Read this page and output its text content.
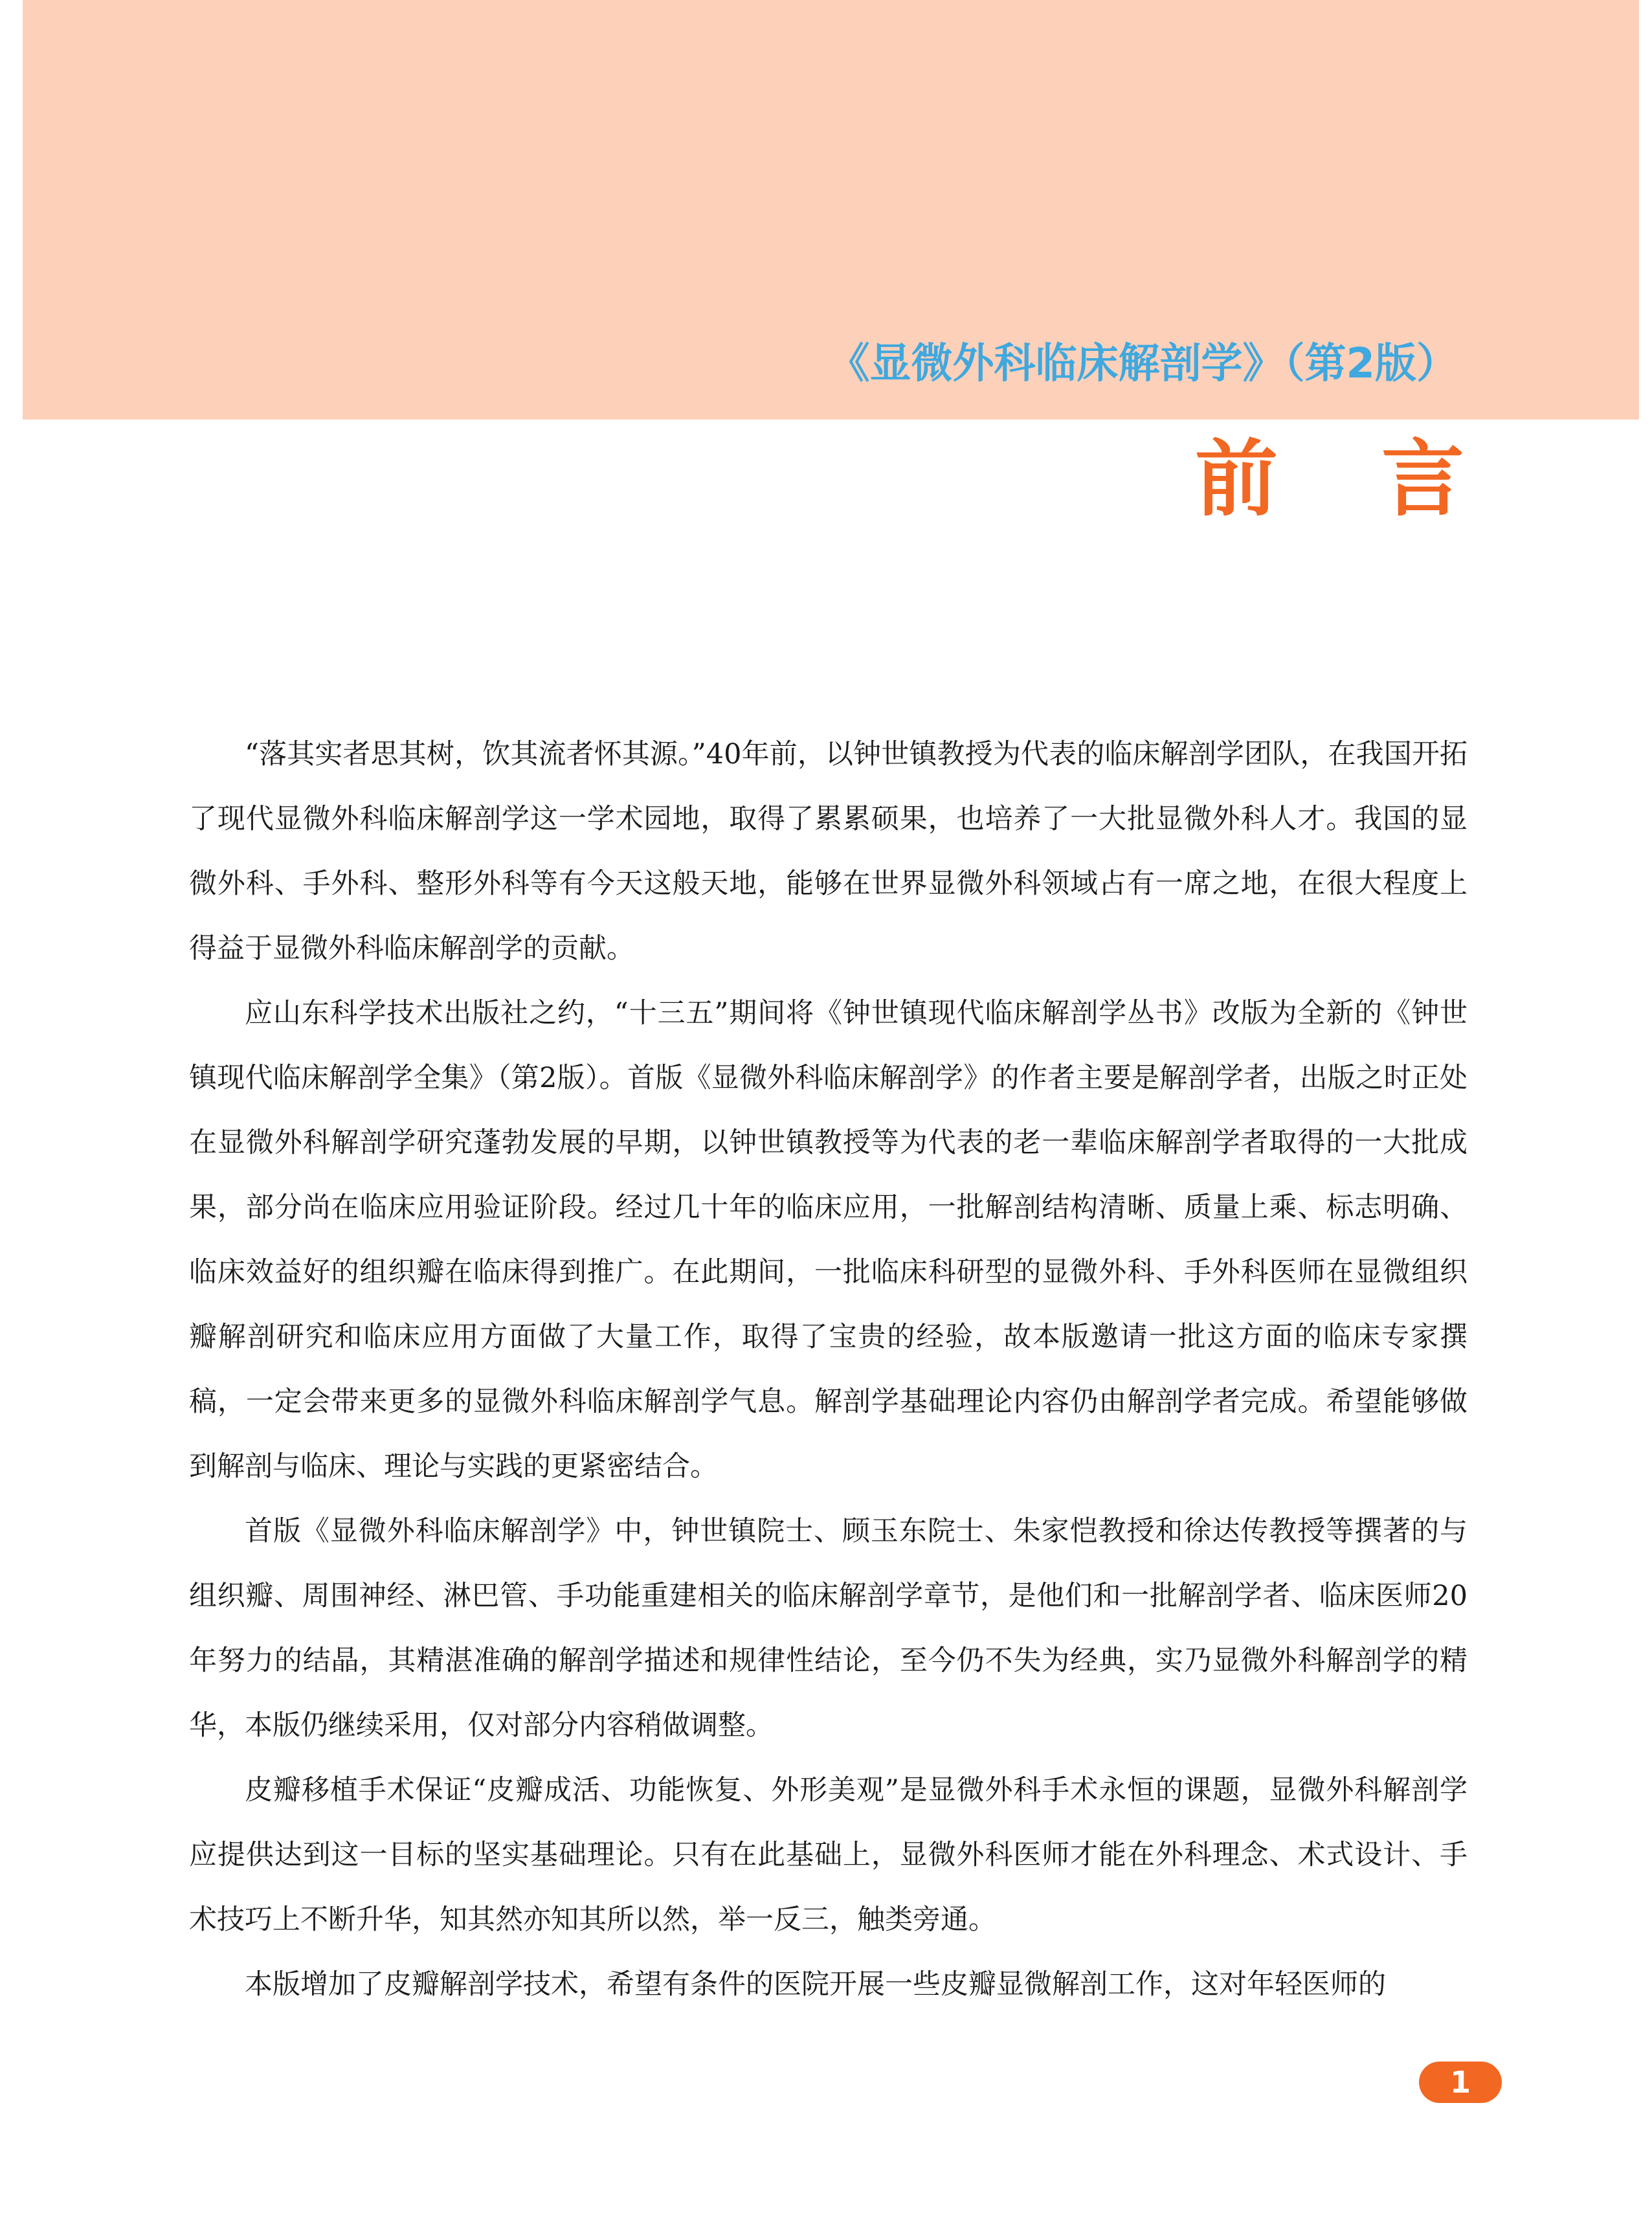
《显微外科临床解剖学》（第2版）
前言

“落其实者思其树，饮其流者怀其源。”40年前，以钟世镇教授为代表的临床解剖学团队，在我国开拓了现代显微外科临床解剖学这一学术园地，取得了累累硕果，也培养了一大批显微外科人才。我国的显微外科、手外科、整形外科等有今天这般天地，能够在世界显微外科领域占有一席之地，在很大程度上得益于显微外科临床解剖学的贡献。

应山东科学技术出版社之约，“十三五”期间将《钟世镇现代临床解剖学丛书》改版为全新的《钟世镇现代临床解剖学全集》（第2版）。首版《显微外科临床解剖学》的作者主要是解剖学者，出版之时正处在显微外科解剖学研究蓬勃发展的早期，以钟世镇教授等为代表的老一辈临床解剖学者取得的一大批成果，部分尚在临床应用验证阶段。经过几十年的临床应用，一批解剖结构清晰、质量上乘、标志明确、临床效益好的组织瓣在临床得到推广。在此期间，一批临床科研型的显微外科、手外科医师在显微组织瓣解剖研究和临床应用方面做了大量工作，取得了宝贵的经验，故本版邀请一批这方面的临床专家撰稿，一定会带来更多的显微外科临床解剖学气息。解剖学基础理论内容仍由解剖学者完成。希望能够做到解剖与临床、理论与实践的更紧密结合。

首版《显微外科临床解剖学》中，钟世镇院士、顾玉东院士、朱家恺教授和徐达传教授等撰著的与组织瓣、周围神经、淋巴管、手功能重建相关的临床解剖学章节，是他们和一批解剖学者、临床医师20年努力的结晶，其精湛准确的解剖学描述和规律性结论，至今仍不失为经典，实乃显微外科解剖学的精华，本版仍继续采用，仅对部分内容稍做调整。

皮瓣移植手术保证“皮瓣成活、功能恢复、外形美观”是显微外科手术永恒的课题，显微外科解剖学应提供达到这一目标的坚实基础理论。只有在此基础上，显微外科医师才能在外科理念、术式设计、手术技巧上不断升华，知其然亦知其所以然，举一反三，触类旁通。

本版增加了皮瓣解剖学技术，希望有条件的医院开展一些皮瓣显微解剖工作，这对年轻医师的

1
